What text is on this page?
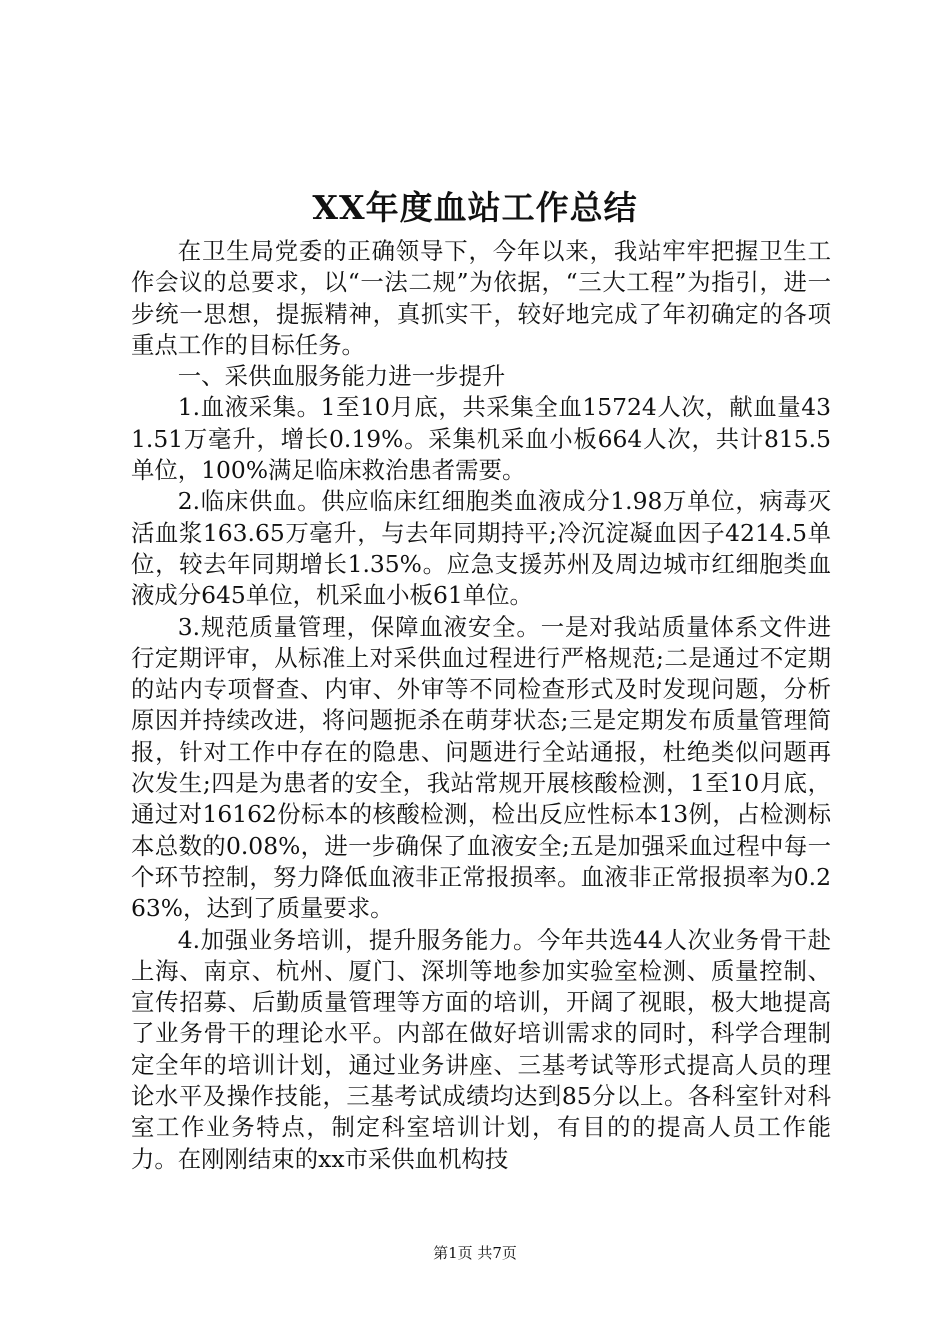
XX年度血站工作总结

在卫生局党委的正确领导下，今年以来，我站牢牢把握卫生工作会议的总要求，以“一法二规”为依据，“三大工程”为指引，进一步统一思想，提振精神，真抓实干，较好地完成了年初确定的各项重点工作的目标任务。

一、采供血服务能力进一步提升

1.血液采集。1至10月底，共采集全血15724人次，献血量431.51万毫升，增长0.19%。采集机采血小板664人次，共计815.5单位，100%满足临床救治患者需要。

2.临床供血。供应临床红细胞类血液成分1.98万单位，病毒灭活血浆163.65万毫升，与去年同期持平;冷沉淀凝血因子4214.5单位，较去年同期增长1.35%。应急支援苏州及周边城市红细胞类血液成分645单位，机采血小板61单位。

3.规范质量管理，保障血液安全。一是对我站质量体系文件进行定期评审，从标准上对采供血过程进行严格规范;二是通过不定期的站内专项督查、内审、外审等不同检查形式及时发现问题，分析原因并持续改进，将问题扼杀在萌芽状态;三是定期发布质量管理简报，针对工作中存在的隐患、问题进行全站通报，杜绝类似问题再次发生;四是为患者的安全，我站常规开展核酸检测，1至10月底，通过对16162份标本的核酸检测，检出反应性标本13例，占检测标本总数的0.08%，进一步确保了血液安全;五是加强采血过程中每一个环节控制，努力降低血液非正常报损率。血液非正常报损率为0.263%，达到了质量要求。

4.加强业务培训，提升服务能力。今年共选44人次业务骨干赴上海、南京、杭州、厦门、深圳等地参加实验室检测、质量控制、宣传招募、后勤质量管理等方面的培训，开阔了视眼，极大地提高了业务骨干的理论水平。内部在做好培训需求的同时，科学合理制定全年的培训计划，通过业务讲座、三基考试等形式提高人员的理论水平及操作技能，三基考试成绩均达到85分以上。各科室针对科室工作业务特点，制定科室培训计划，有目的的提高人员工作能力。在刚刚结束的xx市采供血机构技

第1页 共7页
